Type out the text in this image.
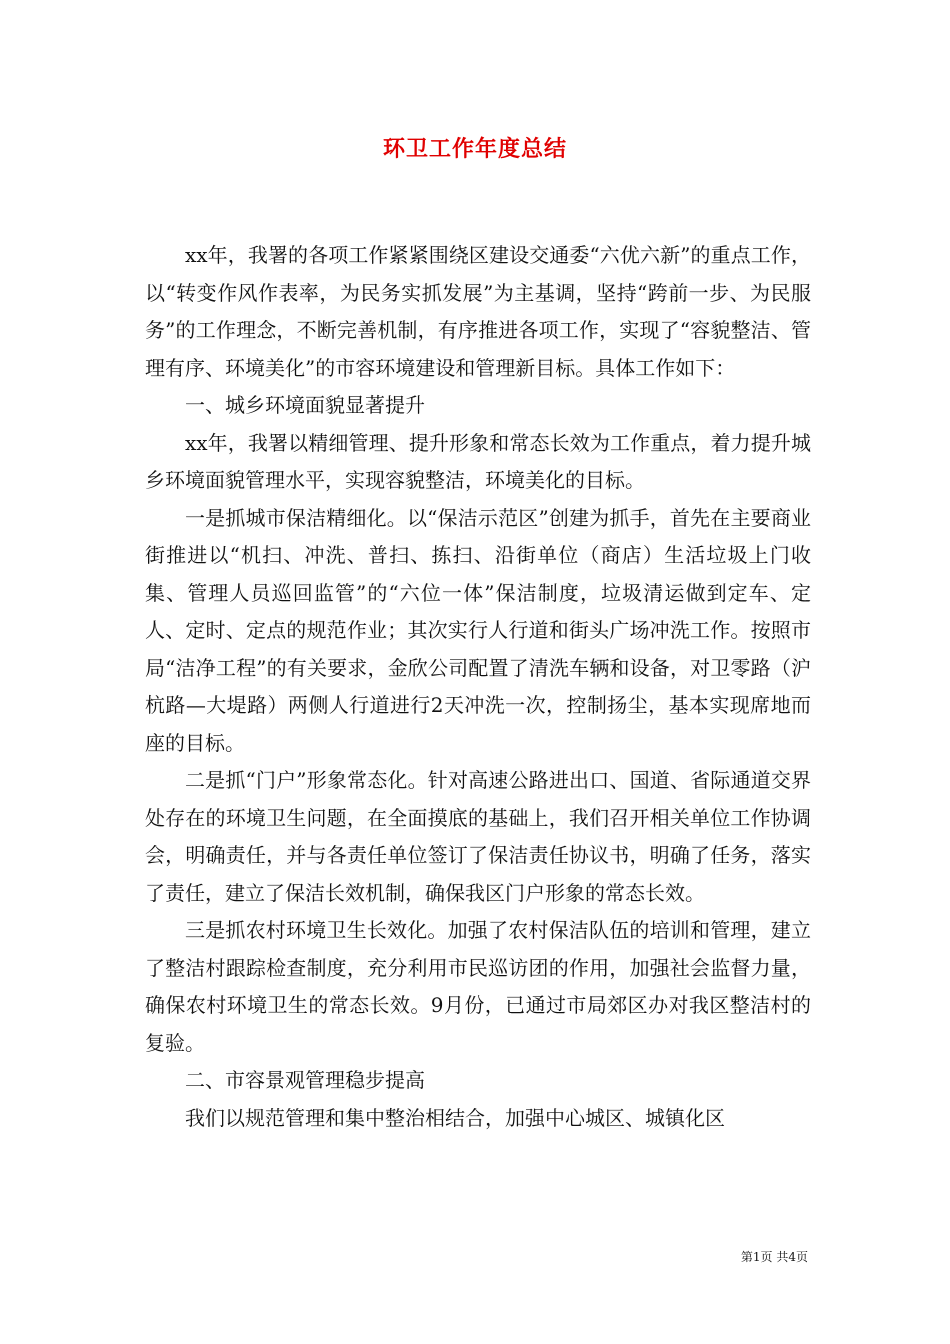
环卫工作年度总结

xx年，我署的各项工作紧紧围绕区建设交通委“六优六新”的重点工作，以“转变作风作表率，为民务实抓发展”为主基调，坚持“跨前一步、为民服务”的工作理念，不断完善机制，有序推进各项工作，实现了“容貌整洁、管理有序、环境美化”的市容环境建设和管理新目标。具体工作如下：

一、城乡环境面貌显著提升

xx年，我署以精细管理、提升形象和常态长效为工作重点，着力提升城乡环境面貌管理水平，实现容貌整洁，环境美化的目标。

一是抓城市保洁精细化。以“保洁示范区”创建为抓手，首先在主要商业街推进以“机扫、冲洗、普扫、拣扫、沿街单位（商店）生活垃圾上门收集、管理人员巡回监管”的“六位一体”保洁制度，垃圾清运做到定车、定人、定时、定点的规范作业；其次实行人行道和街头广场冲洗工作。按照市局“洁净工程”的有关要求，金欣公司配置了清洗车辆和设备，对卫零路（沪杭路—大堤路）两侧人行道进行2天冲洗一次，控制扬尘，基本实现席地而座的目标。

二是抓“门户”形象常态化。针对高速公路进出口、国道、省际通道交界处存在的环境卫生问题，在全面摸底的基础上，我们召开相关单位工作协调会，明确责任，并与各责任单位签订了保洁责任协议书，明确了任务，落实了责任，建立了保洁长效机制，确保我区门户形象的常态长效。

三是抓农村环境卫生长效化。加强了农村保洁队伍的培训和管理，建立了整洁村跟踪检查制度，充分利用市民巡访团的作用，加强社会监督力量，确保农村环境卫生的常态长效。9月份，已通过市局郊区办对我区整洁村的复验。

二、市容景观管理稳步提高

我们以规范管理和集中整治相结合，加强中心城区、城镇化区

第1页 共4页
